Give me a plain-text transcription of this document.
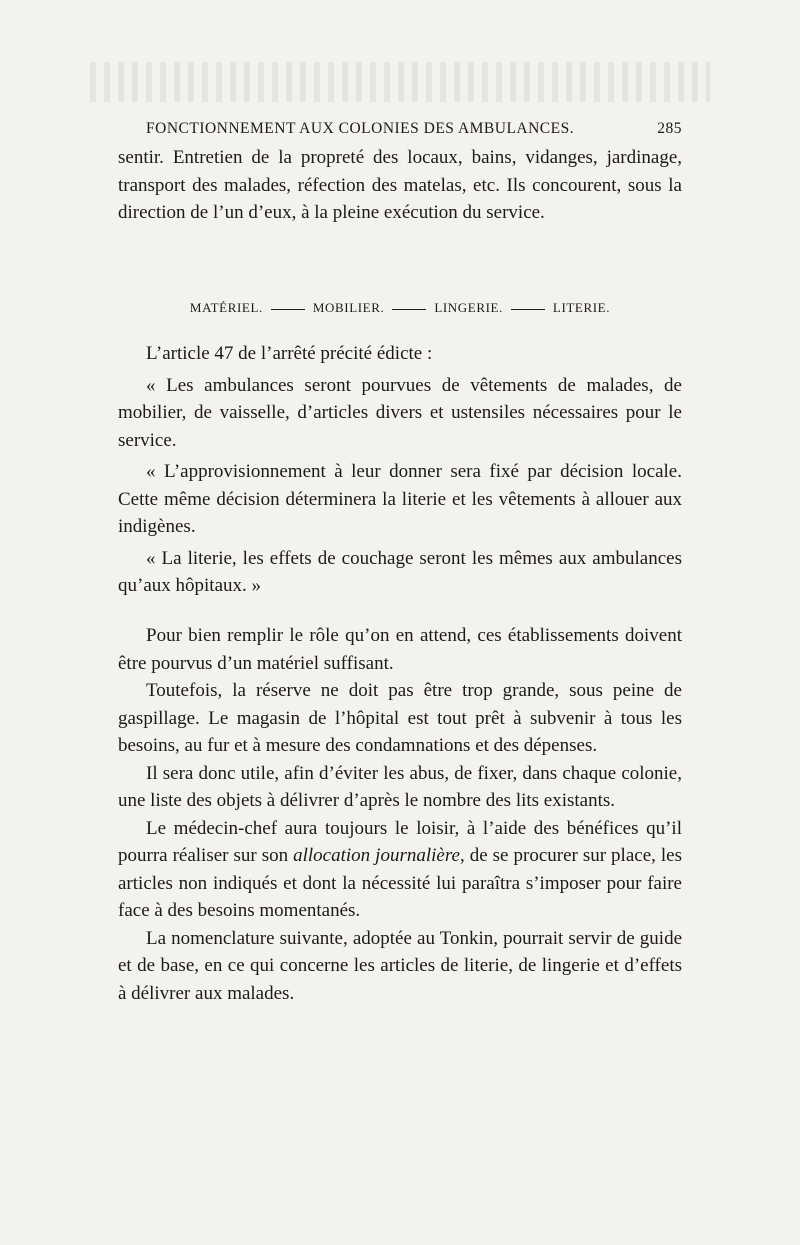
FONCTIONNEMENT AUX COLONIES DES AMBULANCES.	285

sentir. Entretien de la propreté des locaux, bains, vidanges, jardinage, transport des malades, réfection des matelas, etc. Ils concourent, sous la direction de l’un d’eux, à la pleine exécution du service.

MATÉRIEL.	MOBILIER.	LINGERIE.	LITERIE.

L’article 47 de l’arrêté précité édicte :

« Les ambulances seront pourvues de vêtements de malades, de mobilier, de vaisselle, d’articles divers et ustensiles nécessaires pour le service.

« L’approvisionnement à leur donner sera fixé par décision locale. Cette même décision déterminera la literie et les vêtements à allouer aux indigènes.

« La literie, les effets de couchage seront les mêmes aux ambulances qu’aux hôpitaux. »

Pour bien remplir le rôle qu’on en attend, ces établissements doivent être pourvus d’un matériel suffisant.

Toutefois, la réserve ne doit pas être trop grande, sous peine de gaspillage. Le magasin de l’hôpital est tout prêt à subvenir à tous les besoins, au fur et à mesure des condamnations et des dépenses.

Il sera donc utile, afin d’éviter les abus, de fixer, dans chaque colonie, une liste des objets à délivrer d’après le nombre des lits existants.

Le médecin-chef aura toujours le loisir, à l’aide des bénéfices qu’il pourra réaliser sur son allocation journalière, de se procurer sur place, les articles non indiqués et dont la nécessité lui paraîtra s’imposer pour faire face à des besoins momentanés.

La nomenclature suivante, adoptée au Tonkin, pourrait servir de guide et de base, en ce qui concerne les articles de literie, de lingerie et d’effets à délivrer aux malades.
